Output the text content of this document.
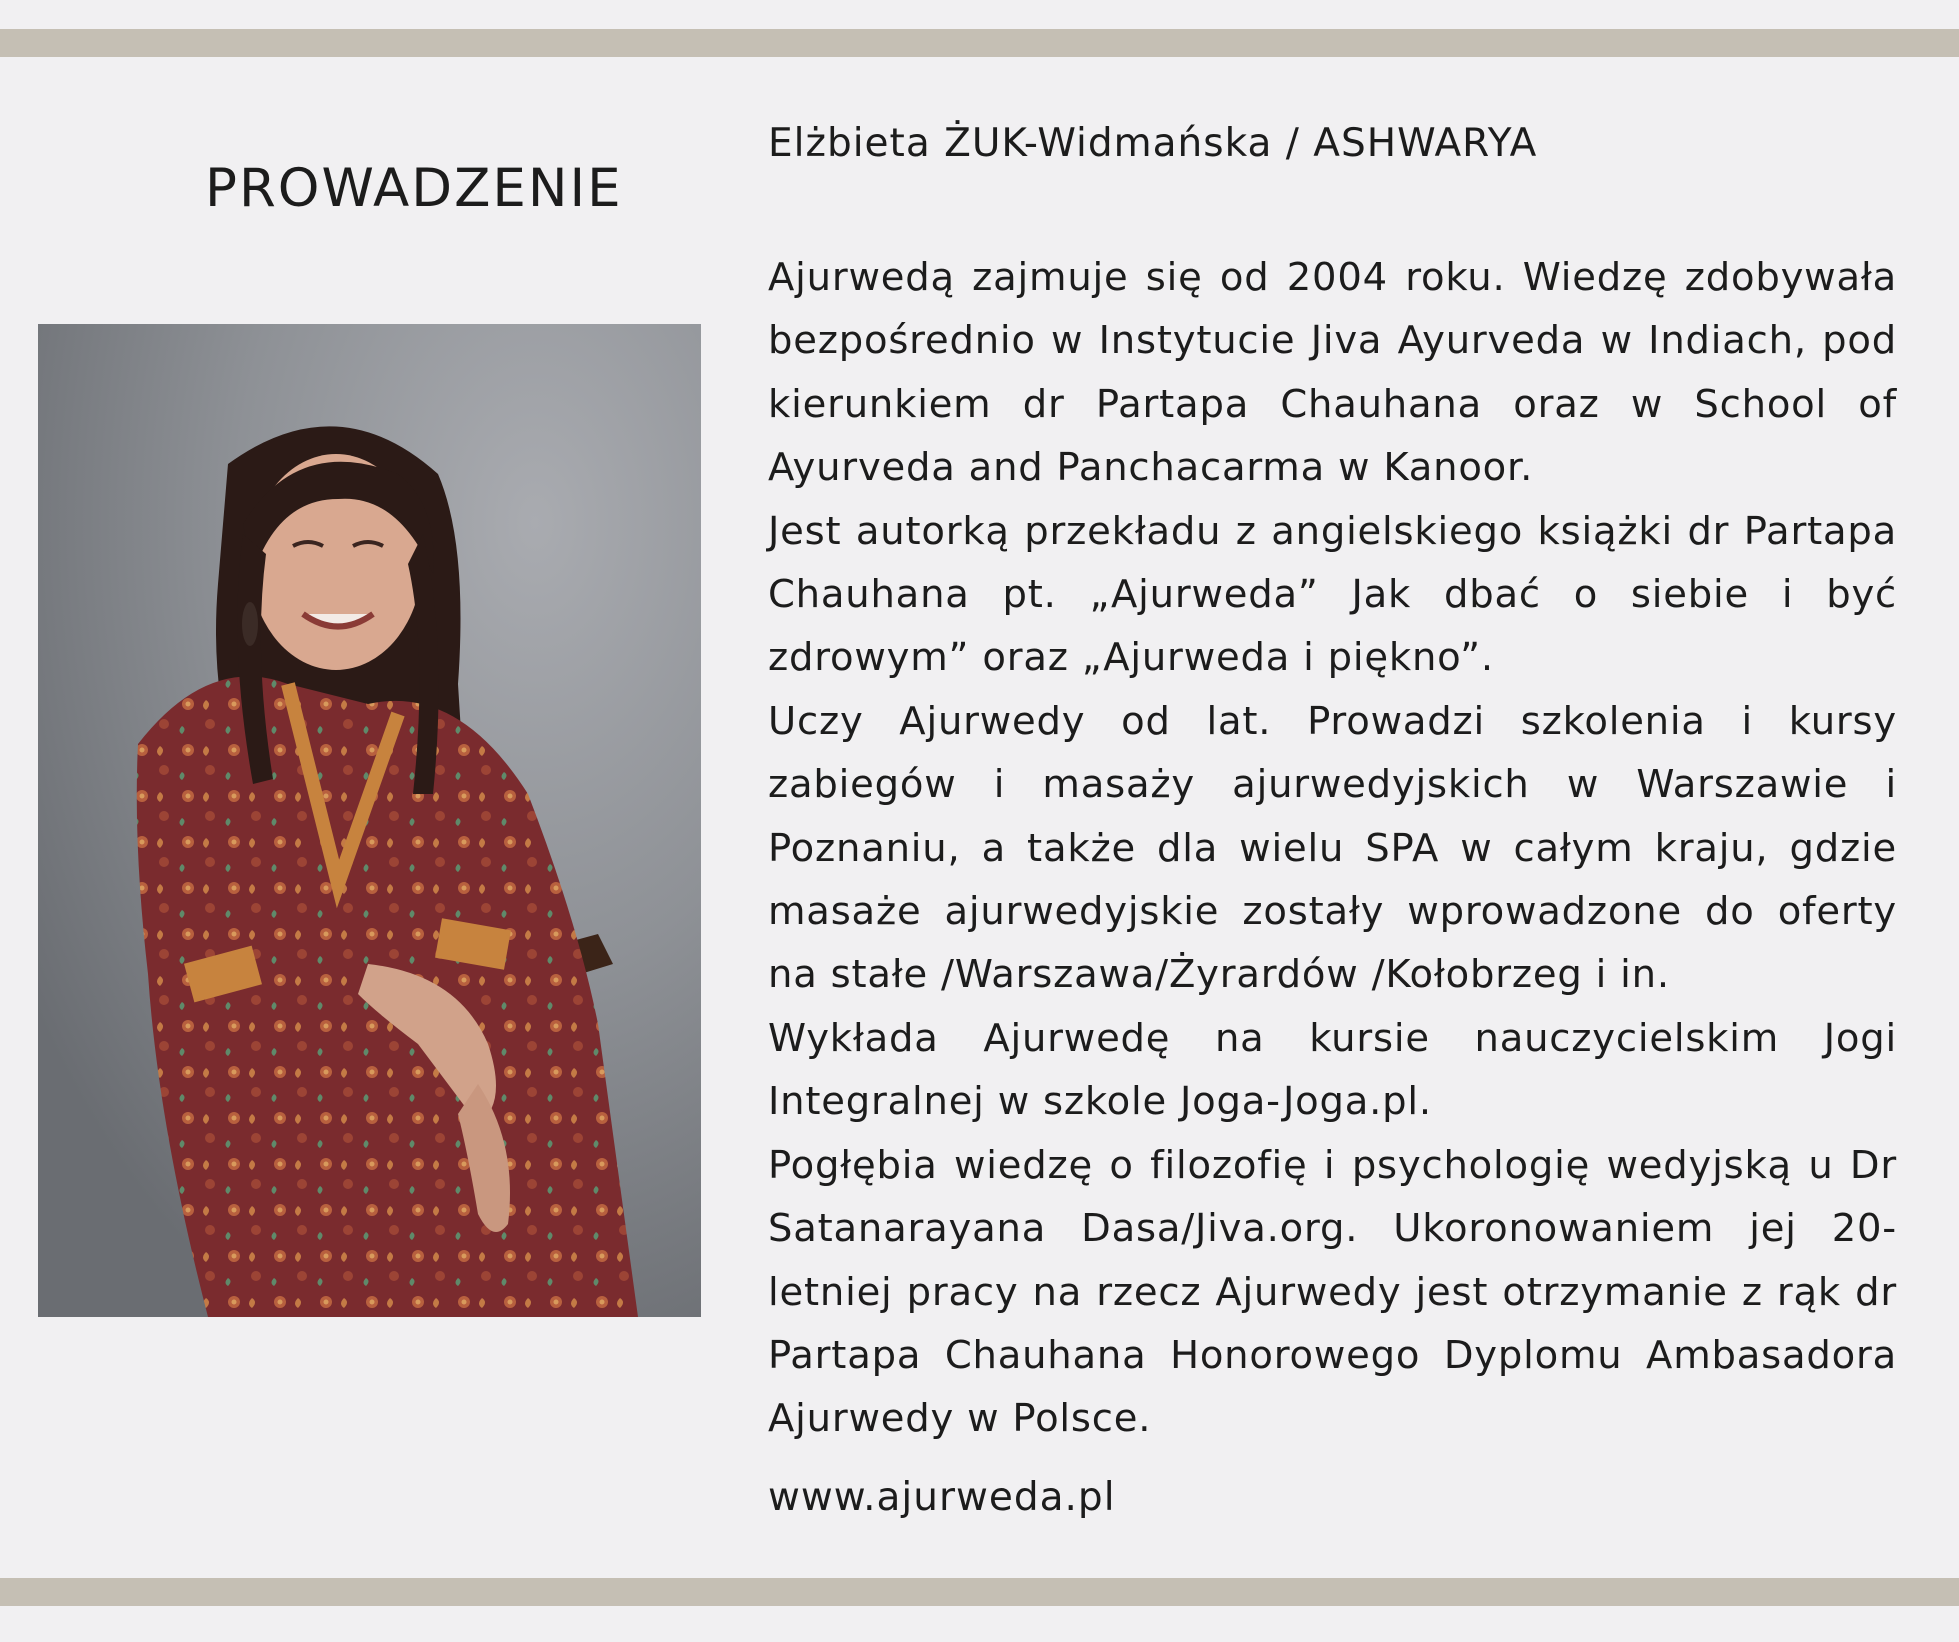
PROWADZENIE
Elżbieta ŻUK-Widmańska / ASHWARYA

Ajurwedą zajmuje się od 2004 roku. Wiedzę zdobywała bezpośrednio w Instytucie Jiva Ayurveda w Indiach, pod kierunkiem dr Partapa Chauhana oraz w School of Ayurveda and Panchacarma w Kanoor.

Jest autorką przekładu z angielskiego książki dr Partapa Chauhana pt. „Ajurweda” Jak dbać o siebie i być zdrowym” oraz „Ajurweda i piękno”.

Uczy Ajurwedy od lat. Prowadzi szkolenia i kursy zabiegów i masaży ajurwedyjskich w Warszawie i Poznaniu, a także dla wielu SPA w całym kraju, gdzie masaże ajurwedyjskie zostały wprowadzone do oferty na stałe /Warszawa/Żyrardów /Kołobrzeg i in.

Wykłada Ajurwedę na kursie nauczycielskim Jogi Integralnej w szkole Joga-Joga.pl.

Pogłębia wiedzę o filozofię i psychologię wedyjską u Dr Satanarayana Dasa/Jiva.org. Ukoronowaniem jej 20-letniej pracy na rzecz Ajurwedy jest otrzymanie z rąk dr Partapa Chauhana Honorowego Dyplomu Ambasadora Ajurwedy w Polsce.

www.ajurweda.pl
